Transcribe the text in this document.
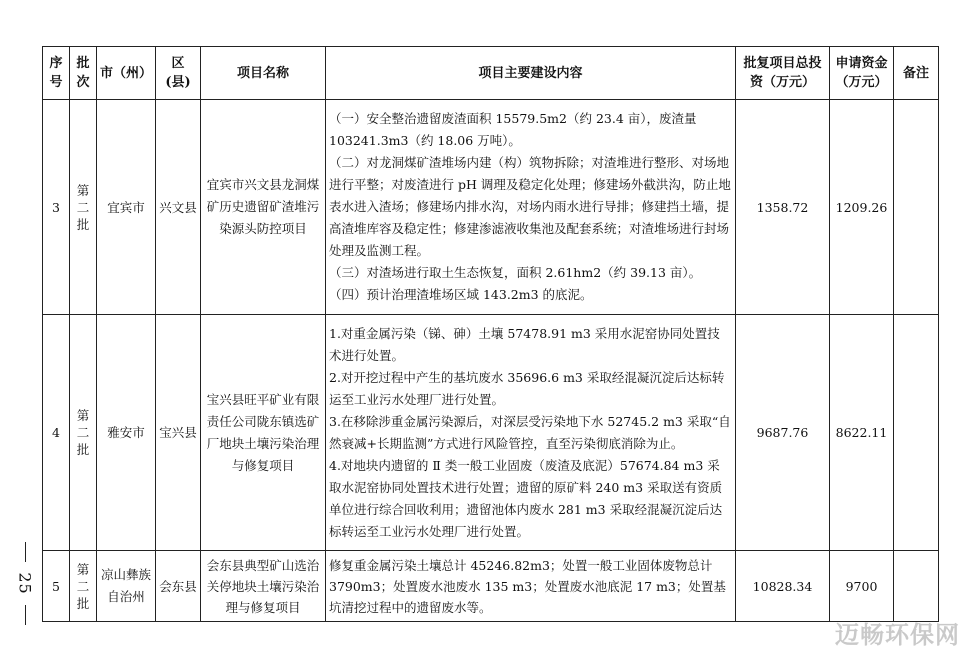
序号	批次	市（州）	区(县)	项目名称	项目主要建设内容	批复项目总投资（万元）	申请资金（万元）	备注
3	第二批	宜宾市	兴文县	宜宾市兴文县龙洞煤矿历史遗留矿渣堆污染源头防控项目	（一）安全整治遗留废渣面积 15579.5m2（约 23.4 亩），废渣量 103241.3m3（约 18.06 万吨）。
（二）对龙洞煤矿渣堆场内建（构）筑物拆除；对渣堆进行整形、对场地进行平整；对废渣进行 pH 调理及稳定化处理；修建场外截洪沟，防止地表水进入渣场；修建场内排水沟，对场内雨水进行导排；修建挡土墙，提高渣堆库容及稳定性；修建渗滤液收集池及配套系统；对渣堆场进行封场处理及监测工程。
（三）对渣场进行取土生态恢复，面积 2.61hm2（约 39.13 亩）。
（四）预计治理渣堆场区域 143.2m3 的底泥。	1358.72	1209.26	
4	第二批	雅安市	宝兴县	宝兴县旺平矿业有限责任公司陇东镇选矿厂地块土壤污染治理与修复项目	1.对重金属污染（锑、砷）土壤 57478.91 m3 采用水泥窑协同处置技术进行处置。
2.对开挖过程中产生的基坑废水 35696.6 m3 采取经混凝沉淀后达标转运至工业污水处理厂进行处置。
3.在移除涉重金属污染源后，对深层受污染地下水 52745.2 m3 采取“自然衰减+长期监测”方式进行风险管控，直至污染彻底消除为止。
4.对地块内遗留的 Ⅱ 类一般工业固废（废渣及底泥）57674.84 m3 采取水泥窑协同处置技术进行处置；遗留的原矿料 240 m3 采取送有资质单位进行综合回收利用；遗留池体内废水 281 m3 采取经混凝沉淀后达标转运至工业污水处理厂进行处置。	9687.76	8622.11	
5	第二批	凉山彝族自治州	会东县	会东县典型矿山选治关停地块土壤污染治理与修复项目	修复重金属污染土壤总计 45246.82m3；处置一般工业固体废物总计 3790m3；处置废水池废水 135 m3；处置废水池底泥 17 m3；处置基坑清挖过程中的遗留废水等。	10828.34	9700	
25
迈畅环保网
